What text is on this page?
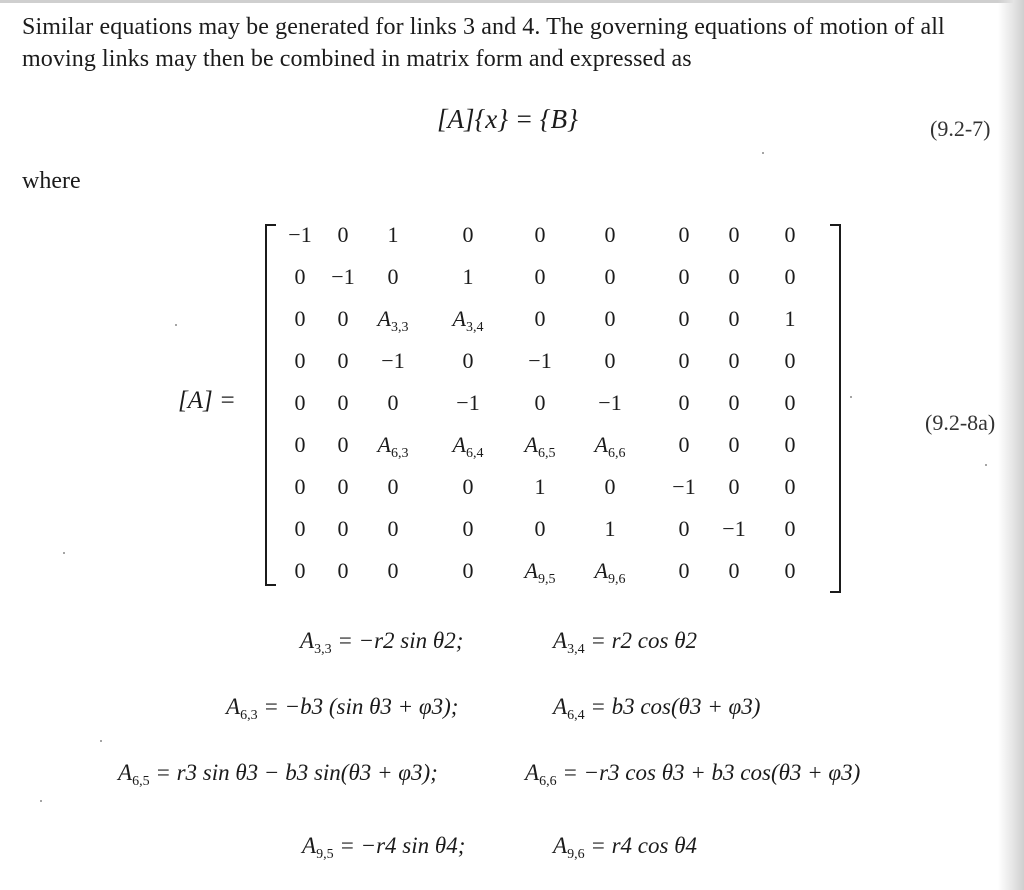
Similar equations may be generated for links 3 and 4. The governing equations of motion of all
moving links may then be combined in matrix form and expressed as
[A]{x} = {B}	(9.2-7)
where
[A] =
(9.2-8a)
−1	0	1	0	0	0	0	0	0
0	−1	0	1	0	0	0	0	0
0	0	$A_{3,3}$	$A_{3,4}$	0	0	0	0	1
0	0	−1	0	−1	0	0	0	0
0	0	0	−1	0	−1	0	0	0
0	0	$A_{6,3}$	$A_{6,4}$	$A_{6,5}$	$A_{6,6}$	0	0	0
0	0	0	0	1	0	−1	0	0
0	0	0	0	0	1	0	−1	0
0	0	0	0	$A_{9,5}$	$A_{9,6}$	0	0	0
$A_{3,3} = -r2$ sin θ2;	$A_{3,4} = r2$ cos θ2
$A_{6,3} = -b3$ (sin θ3 + φ3);	$A_{6,4} = b3$ cos(θ3 + φ3)
$A_{6,5} = r3$ sin θ3 − b3 sin(θ3 + φ3);	$A_{6,6} = -r3$ cos θ3 + b3 cos(θ3 + φ3)
$A_{9,5} = -r4$ sin θ4;	$A_{9,6} = r4$ cos θ4
